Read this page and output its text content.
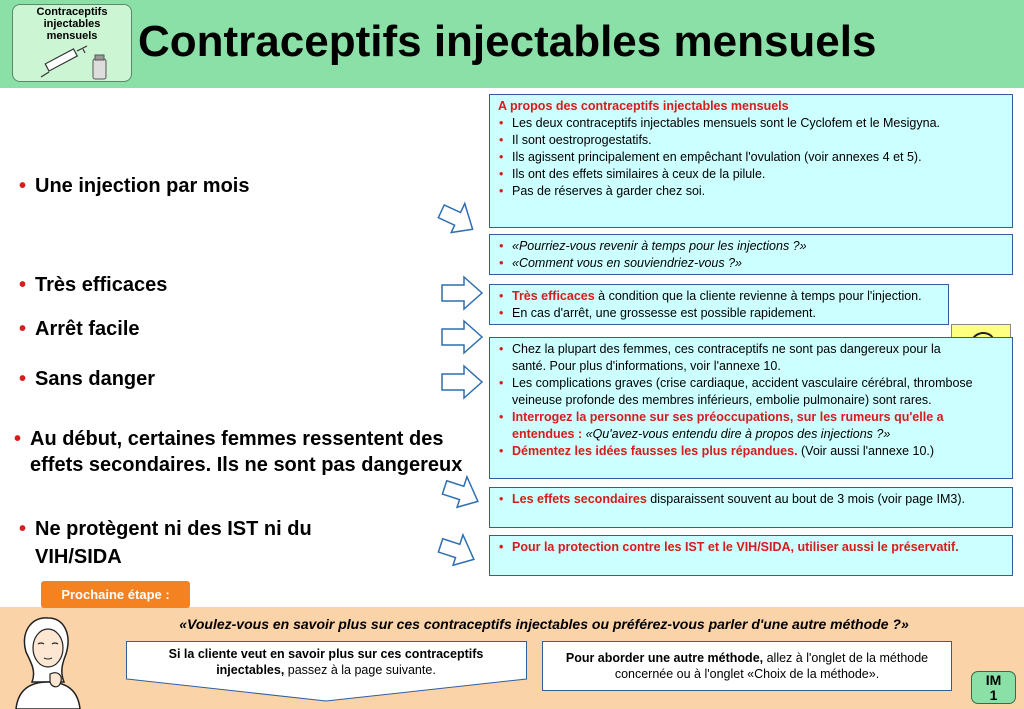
Contraceptifs
injectables
mensuels Contraceptifs injectables mensuels
• Une injection par mois
• Très efficaces
• Arrêt facile
• Sans danger
• Au début, certaines femmes ressentent des effets secondaires. Ils ne sont pas dangereux
• Ne protègent ni des IST ni du VIH/SIDA
A propos des contraceptifs injectables mensuels
• Les deux contraceptifs injectables mensuels sont le Cyclofem et le Mesigyna.
• Il sont oestroprogestatifs.
• Ils agissent principalement en empêchant l'ovulation (voir annexes 4 et 5).
• Ils ont des effets similaires à ceux de la pilule.
• Pas de réserves à garder chez soi.
• «Pourriez-vous revenir à temps pour les injections ?»
• «Comment vous en souviendriez-vous ?»
• Très efficaces à condition que la cliente revienne à temps pour l'injection.
• En cas d'arrêt, une grossesse est possible rapidement.
• Chez la plupart des femmes, ces contraceptifs ne sont pas dangereux pour la santé. Pour plus d'informations, voir l'annexe 10.
• Les complications graves (crise cardiaque, accident vasculaire cérébral, thrombose veineuse profonde des membres inférieurs, embolie pulmonaire) sont rares.
• Interrogez la personne sur ses préoccupations, sur les rumeurs qu'elle a entendues : «Qu'avez-vous entendu dire à propos des injections ?»
• Démentez les idées fausses les plus répandues. (Voir aussi l'annexe 10.)
• Les effets secondaires disparaissent souvent au bout de 3 mois (voir page IM3).
• Pour la protection contre les IST et le VIH/SIDA, utiliser aussi le préservatif.
Prochaine étape :
«Voulez-vous en savoir plus sur ces contraceptifs injectables ou préférez-vous parler d'une autre méthode ?»
Si la cliente veut en savoir plus sur ces contraceptifs injectables, passez à la page suivante.
Pour aborder une autre méthode, allez à l'onglet de la méthode concernée ou à l'onglet «Choix de la méthode».	IM
1
